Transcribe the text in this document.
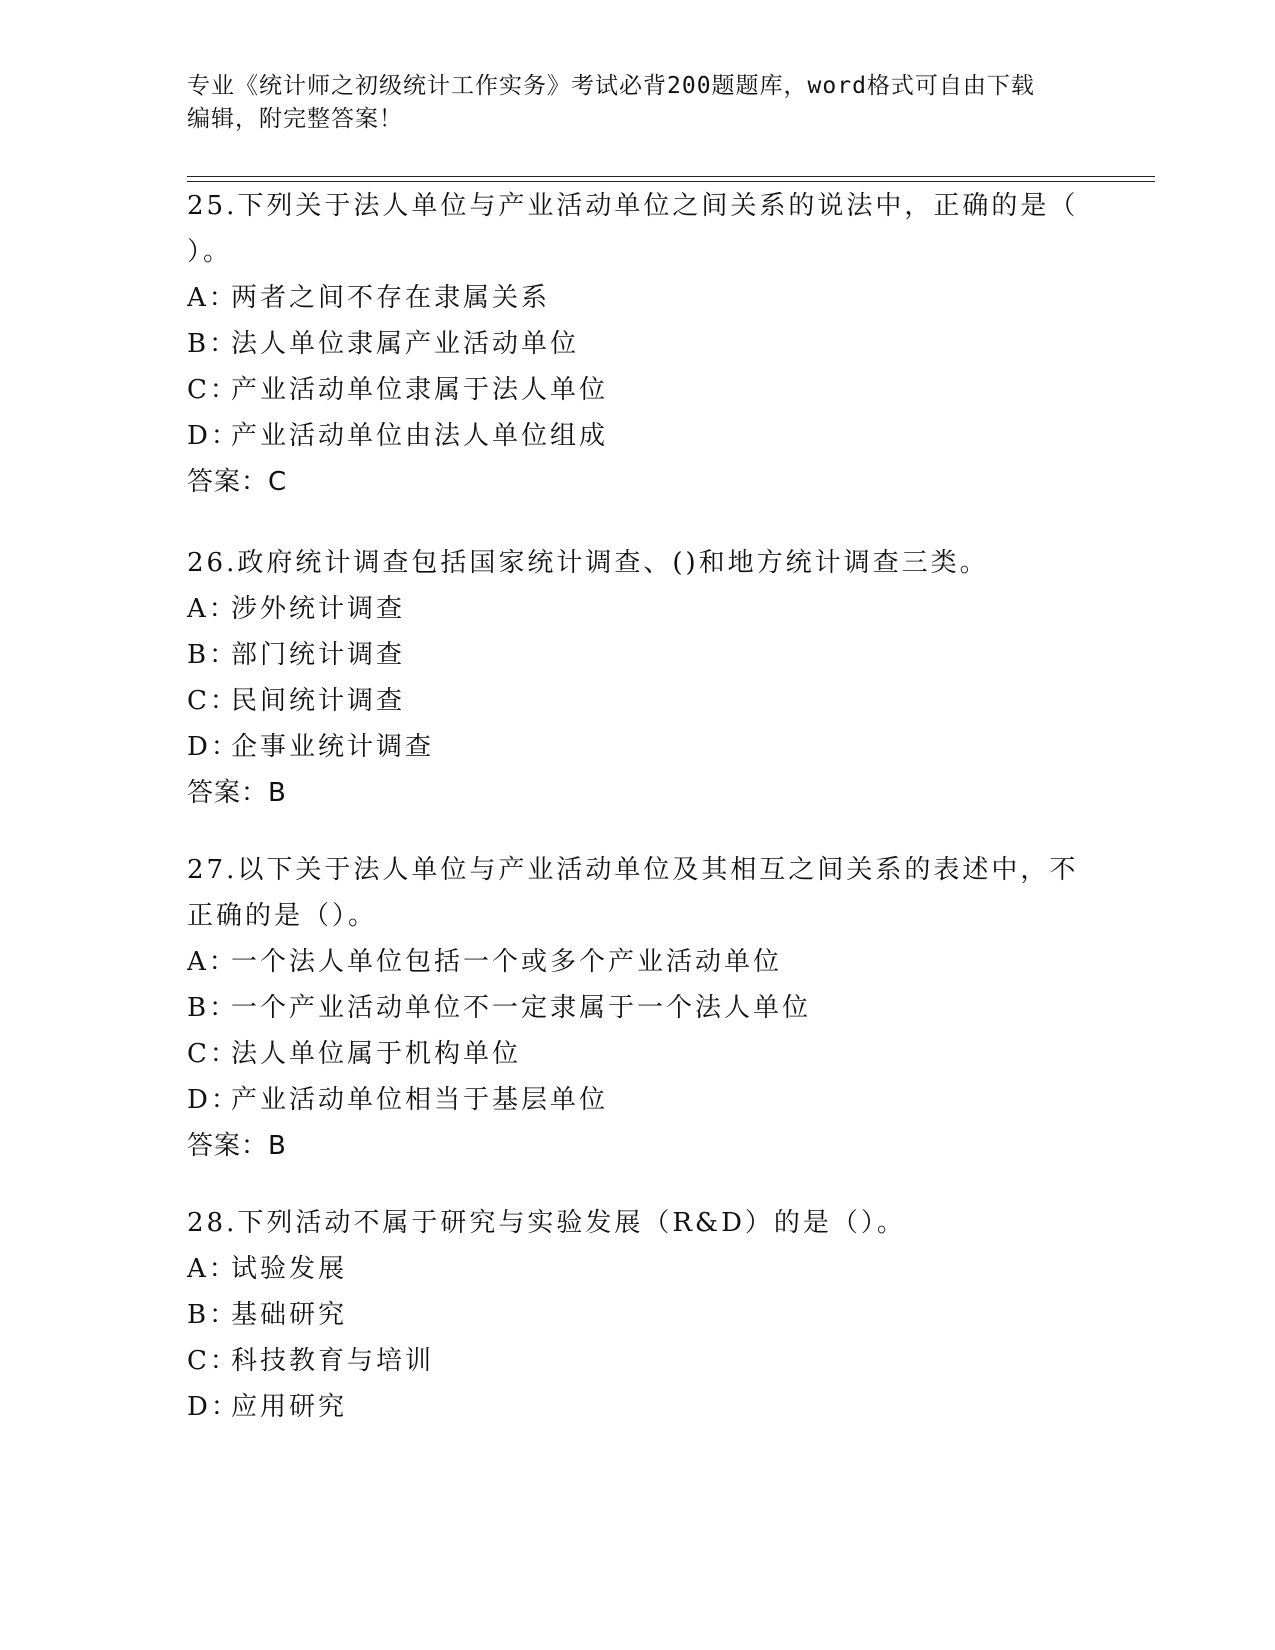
专业《统计师之初级统计工作实务》考试必背200题题库，word格式可自由下载
编辑，附完整答案！
25.下列关于法人单位与产业活动单位之间关系的说法中，正确的是（
）。
A：
两者之间不存在隶属关系
B：
法人单位隶属产业活动单位
C：
产业活动单位隶属于法人单位
D：
产业活动单位由法人单位组成
答案：C
26.政府统计调查包括国家统计调查、()和地方统计调查三类。
A：
涉外统计调查
B：
部门统计调查
C：
民间统计调查
D：
企事业统计调查
答案：B
27.以下关于法人单位与产业活动单位及其相互之间关系的表述中，不
正确的是（）。
A：
一个法人单位包括一个或多个产业活动单位
B：
一个产业活动单位不一定隶属于一个法人单位
C：
法人单位属于机构单位
D：
产业活动单位相当于基层单位
答案：B
28.下列活动不属于研究与实验发展（R&D）的是（）。
A：
试验发展
B：
基础研究
C：
科技教育与培训
D：
应用研究
